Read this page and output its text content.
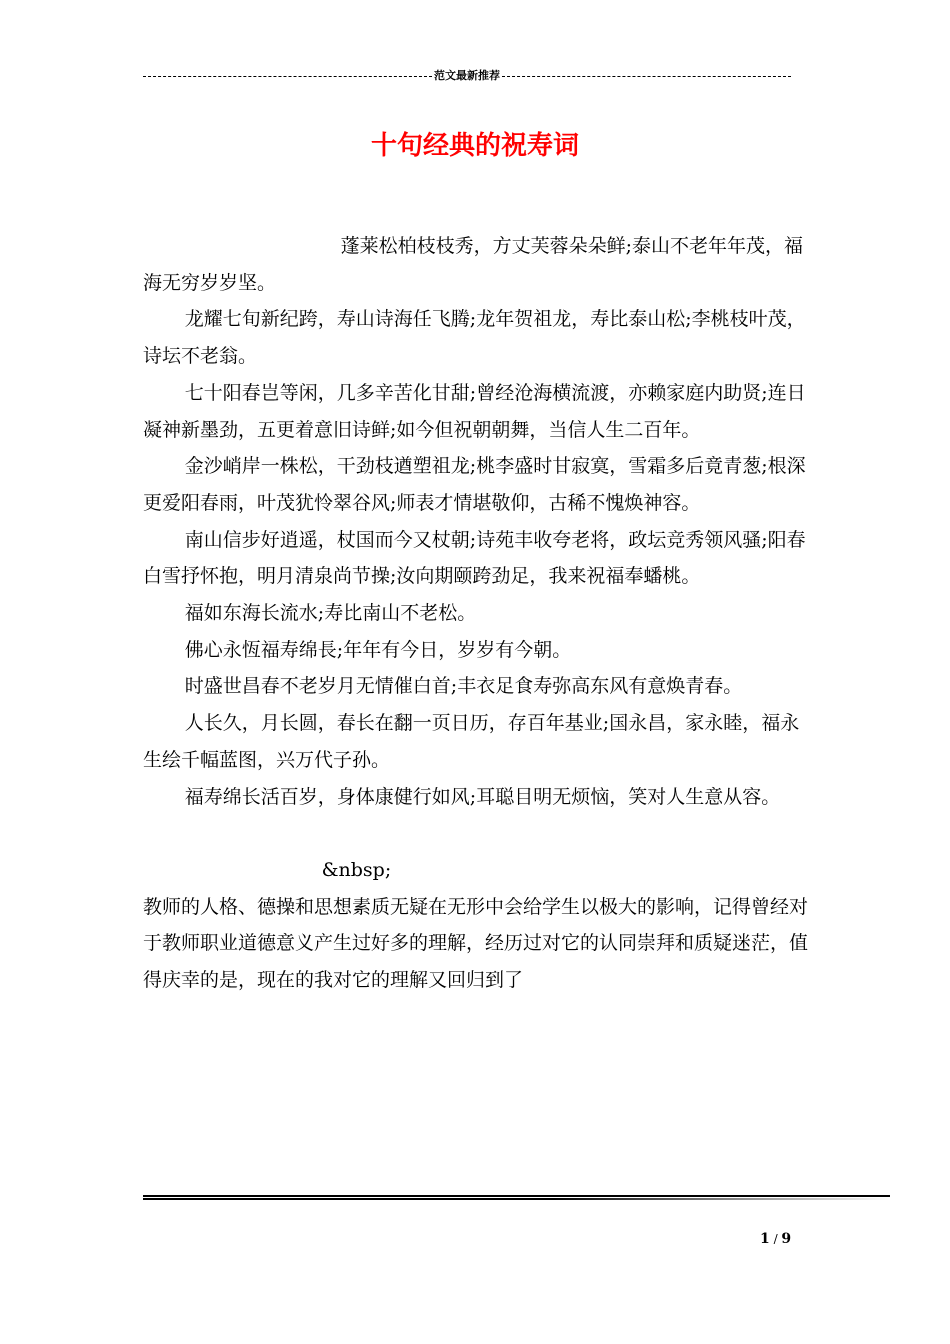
范文最新推荐
十句经典的祝寿词

蓬莱松柏枝枝秀，方丈芙蓉朵朵鲜;泰山不老年年茂，福海无穷岁岁坚。

龙耀七旬新纪跨，寿山诗海任飞腾;龙年贺祖龙，寿比泰山松;李桃枝叶茂，诗坛不老翁。

七十阳春岂等闲，几多辛苦化甘甜;曾经沧海横流渡，亦赖家庭内助贤;连日凝神新墨劲，五更着意旧诗鲜;如今但祝朝朝舞，当信人生二百年。

金沙峭岸一株松，干劲枝遒塑祖龙;桃李盛时甘寂寞，雪霜多后竟青葱;根深更爱阳春雨，叶茂犹怜翠谷风;师表才情堪敬仰，古稀不愧焕神容。

南山信步好逍遥，杖国而今又杖朝;诗苑丰收夸老将，政坛竞秀领风骚;阳春白雪抒怀抱，明月清泉尚节操;汝向期颐跨劲足，我来祝福奉蟠桃。

福如东海长流水;寿比南山不老松。

佛心永恆福寿绵長;年年有今日，岁岁有今朝。

时盛世昌春不老岁月无情催白首;丰衣足食寿弥高东风有意焕青春。

人长久，月长圆，春长在翻一页日历，存百年基业;国永昌，家永睦，福永生绘千幅蓝图，兴万代子孙。

福寿绵长活百岁，身体康健行如风;耳聪目明无烦恼，笑对人生意从容。

&nbsp;

教师的人格、德操和思想素质无疑在无形中会给学生以极大的影响，记得曾经对于教师职业道德意义产生过好多的理解，经历过对它的认同崇拜和质疑迷茫，值得庆幸的是，现在的我对它的理解又回归到了

1 / 9
